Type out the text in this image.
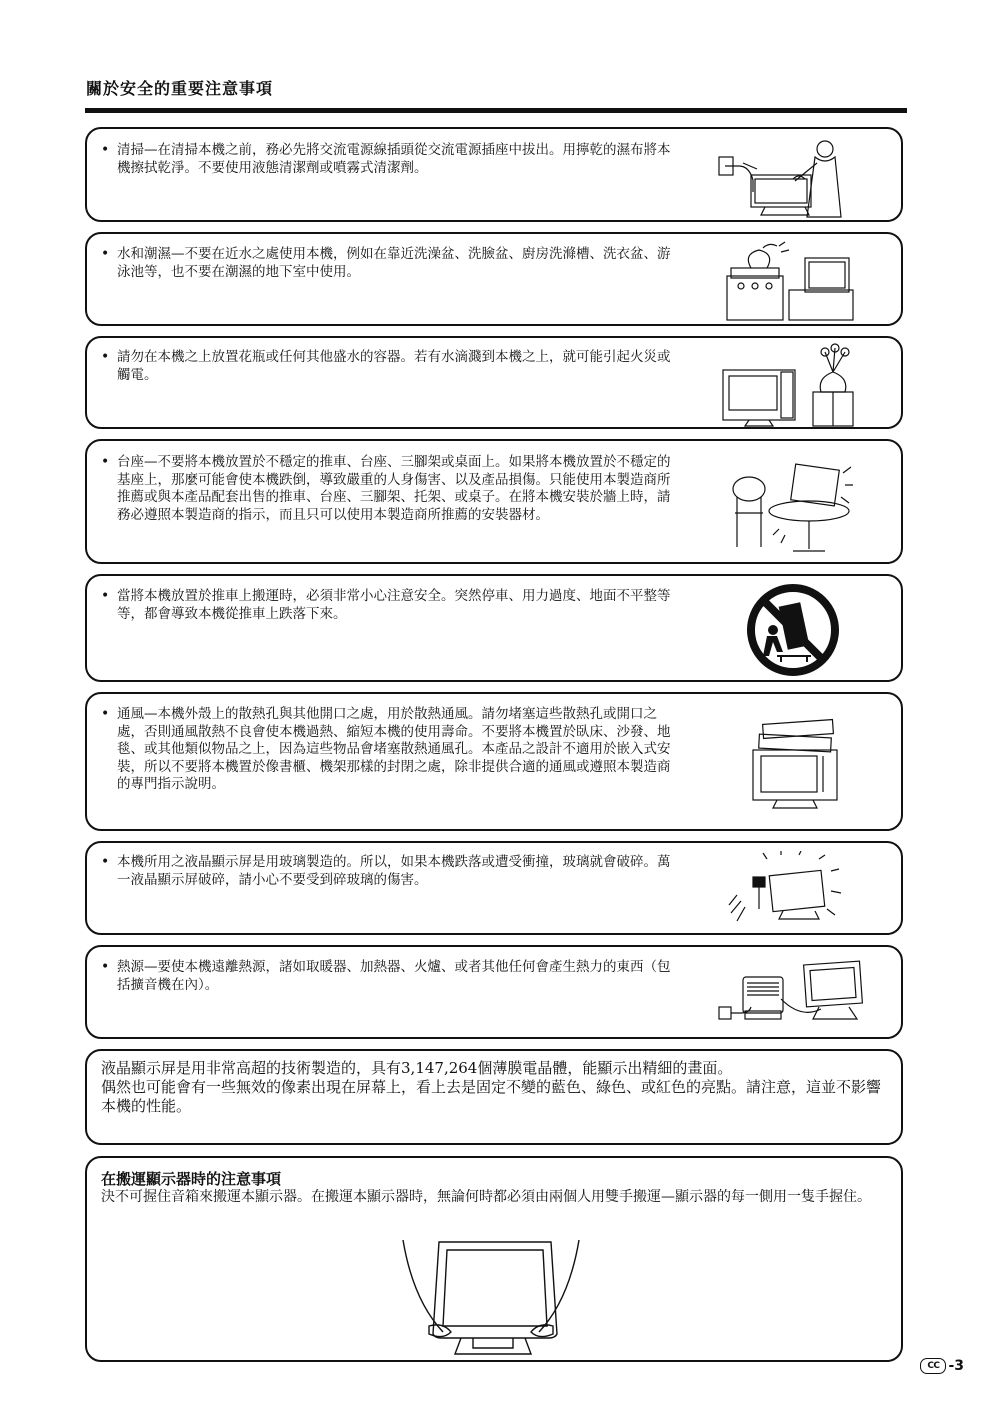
關於安全的重要注意事項
• 清掃—在清掃本機之前，務必先將交流電源線插頭從交流電源插座中拔出。用擰乾的濕布將本機擦拭乾淨。不要使用液態清潔劑或噴霧式清潔劑。
• 水和潮濕—不要在近水之處使用本機，例如在靠近洗澡盆、洗臉盆、廚房洗滌槽、洗衣盆、游泳池等，也不要在潮濕的地下室中使用。
• 請勿在本機之上放置花瓶或任何其他盛水的容器。若有水滴濺到本機之上，就可能引起火災或觸電。
• 台座—不要將本機放置於不穩定的推車、台座、三腳架或桌面上。如果將本機放置於不穩定的基座上，那麼可能會使本機跌倒，導致嚴重的人身傷害、以及產品損傷。只能使用本製造商所推薦或與本產品配套出售的推車、台座、三腳架、托架、或桌子。在將本機安裝於牆上時，請務必遵照本製造商的指示，而且只可以使用本製造商所推薦的安裝器材。
• 當將本機放置於推車上搬運時，必須非常小心注意安全。突然停車、用力過度、地面不平整等等，都會導致本機從推車上跌落下來。
• 通風—本機外殼上的散熱孔與其他開口之處，用於散熱通風。請勿堵塞這些散熱孔或開口之處，否則通風散熱不良會使本機過熱、縮短本機的使用壽命。不要將本機置於臥床、沙發、地毯、或其他類似物品之上，因為這些物品會堵塞散熱通風孔。本產品之設計不適用於嵌入式安裝，所以不要將本機置於像書櫃、機架那樣的封閉之處，除非提供合適的通風或遵照本製造商的專門指示說明。
• 本機所用之液晶顯示屏是用玻璃製造的。所以，如果本機跌落或遭受衝撞，玻璃就會破碎。萬一液晶顯示屏破碎，請小心不要受到碎玻璃的傷害。
• 熱源—要使本機遠離熱源，諸如取暖器、加熱器、火爐、或者其他任何會產生熱力的東西（包括擴音機在內）。

液晶顯示屏是用非常高超的技術製造的，具有3,147,264個薄膜電晶體，能顯示出精細的畫面。

偶然也可能會有一些無效的像素出現在屏幕上，看上去是固定不變的藍色、綠色、或紅色的亮點。請注意，這並不影響本機的性能。

在搬運顯示器時的注意事項
決不可握住音箱來搬運本顯示器。在搬運本顯示器時，無論何時都必須由兩個人用雙手搬運—顯示器的每一側用一隻手握住。
CC -3
